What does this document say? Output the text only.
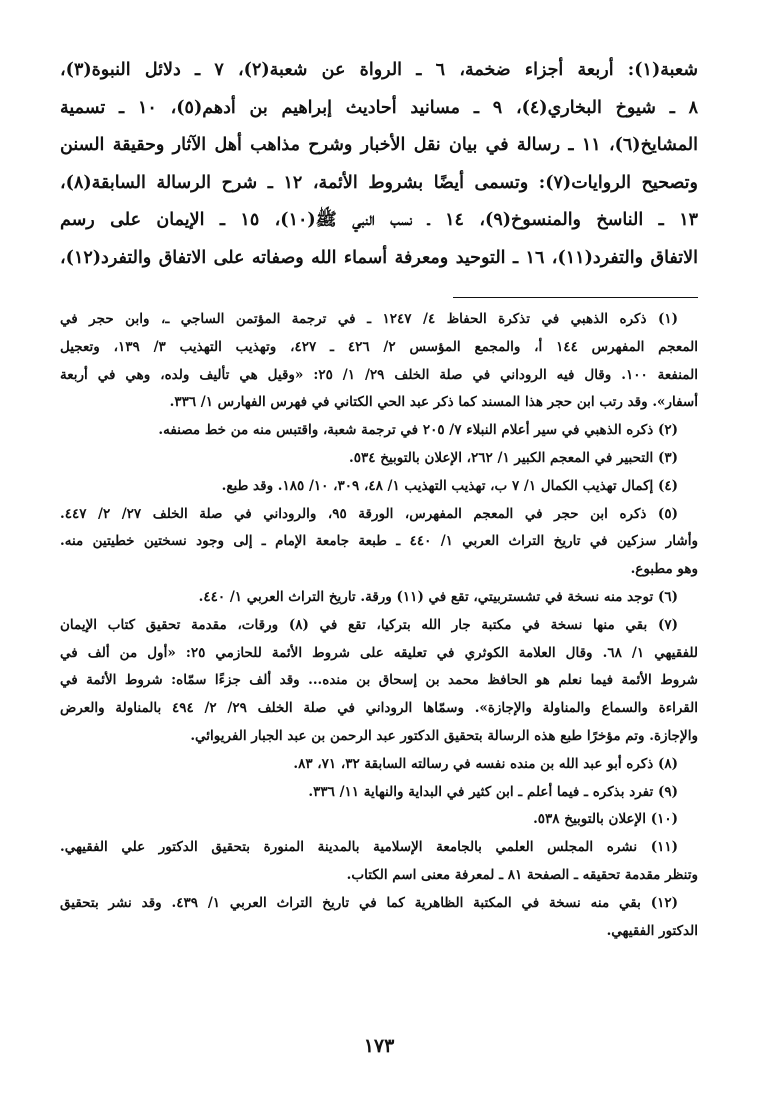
شعبة(١): أربعة أجزاء ضخمة، ٦ ـ الرواة عن شعبة(٢)، ٧ ـ دلائل النبوة(٣)،
٨ ـ شيوخ البخاري(٤)، ٩ ـ مسانيد أحاديث إبراهيم بن أدهم(٥)، ١٠ ـ تسمية
المشايخ(٦)، ١١ ـ رسالة في بيان نقل الأخبار وشرح مذاهب أهل الآثار وحقيقة السنن
وتصحيح الروايات(٧): وتسمى أيضًا بشروط الأئمة، ١٢ ـ شرح الرسالة السابقة(٨)،
١٣ ـ الناسخ والمنسوخ(٩)، ١٤ ـ نسب النبي ﷺ(١٠)، ١٥ ـ الإيمان على رسم
الاتفاق والتفرد(١١)، ١٦ ـ التوحيد ومعرفة أسماء الله وصفاته على الاتفاق والتفرد(١٢)،
(١) ذكره الذهبي في تذكرة الحفاظ ٤/ ١٢٤٧ ـ في ترجمة المؤتمن الساجي ـ، وابن حجر في
المعجم المفهرس ١٤٤ أ، والمجمع المؤسس ٢/ ٤٢٦ ـ ٤٢٧، وتهذيب التهذيب ٣/ ١٣٩، وتعجيل
المنفعة ١٠٠. وقال فيه الروداني في صلة الخلف ٢٩/ ١/ ٢٥: «وقيل هي تأليف ولده، وهي في أربعة
أسفار». وقد رتب ابن حجر هذا المسند كما ذكر عبد الحي الكتاني في فهرس الفهارس ١/ ٣٣٦.
(٢) ذكره الذهبي في سير أعلام النبلاء ٧/ ٢٠٥ في ترجمة شعبة، واقتبس منه من خط مصنفه.
(٣) التحبير في المعجم الكبير ١/ ٢٦٢، الإعلان بالتوبيخ ٥٣٤.
(٤) إكمال تهذيب الكمال ١/ ٧ ب، تهذيب التهذيب ١/ ٤٨، ٣٠٩، ١٠/ ١٨٥. وقد طبع.
(٥) ذكره ابن حجر في المعجم المفهرس، الورقة ٩٥، والروداني في صلة الخلف ٢٧/ ٢/ ٤٤٧.
وأشار سزكين في تاريخ التراث العربي ١/ ٤٤٠ ـ طبعة جامعة الإمام ـ إلى وجود نسختين خطيتين منه.
وهو مطبوع.
(٦) توجد منه نسخة في تشستربيتي، تقع في (١١) ورقة. تاريخ التراث العربي ١/ ٤٤٠.
(٧) بقي منها نسخة في مكتبة جار الله بتركيا، تقع في (٨) ورقات، مقدمة تحقيق كتاب الإيمان
للفقيهي ١/ ٦٨. وقال العلامة الكوثري في تعليقه على شروط الأئمة للحازمي ٢٥: «أول من ألف في
شروط الأئمة فيما نعلم هو الحافظ محمد بن إسحاق بن منده... وقد ألف جزءًا سمّاه: شروط الأئمة في
القراءة والسماع والمناولة والإجازة». وسمّاها الروداني في صلة الخلف ٢٩/ ٢/ ٤٩٤ بالمناولة والعرض
والإجازة. وتم مؤخرًا طبع هذه الرسالة بتحقيق الدكتور عبد الرحمن بن عبد الجبار الفريوائي.
(٨) ذكره أبو عبد الله بن منده نفسه في رسالته السابقة ٣٢، ٧١، ٨٣.
(٩) تفرد بذكره ـ فيما أعلم ـ ابن كثير في البداية والنهاية ١١/ ٣٣٦.
(١٠) الإعلان بالتوبيخ ٥٣٨.
(١١) نشره المجلس العلمي بالجامعة الإسلامية بالمدينة المنورة بتحقيق الدكتور علي الفقيهي.
وتنظر مقدمة تحقيقه ـ الصفحة ٨١ ـ لمعرفة معنى اسم الكتاب.
(١٢) بقي منه نسخة في المكتبة الظاهرية كما في تاريخ التراث العربي ١/ ٤٣٩. وقد نشر بتحقيق
الدكتور الفقيهي.
١٧٣
